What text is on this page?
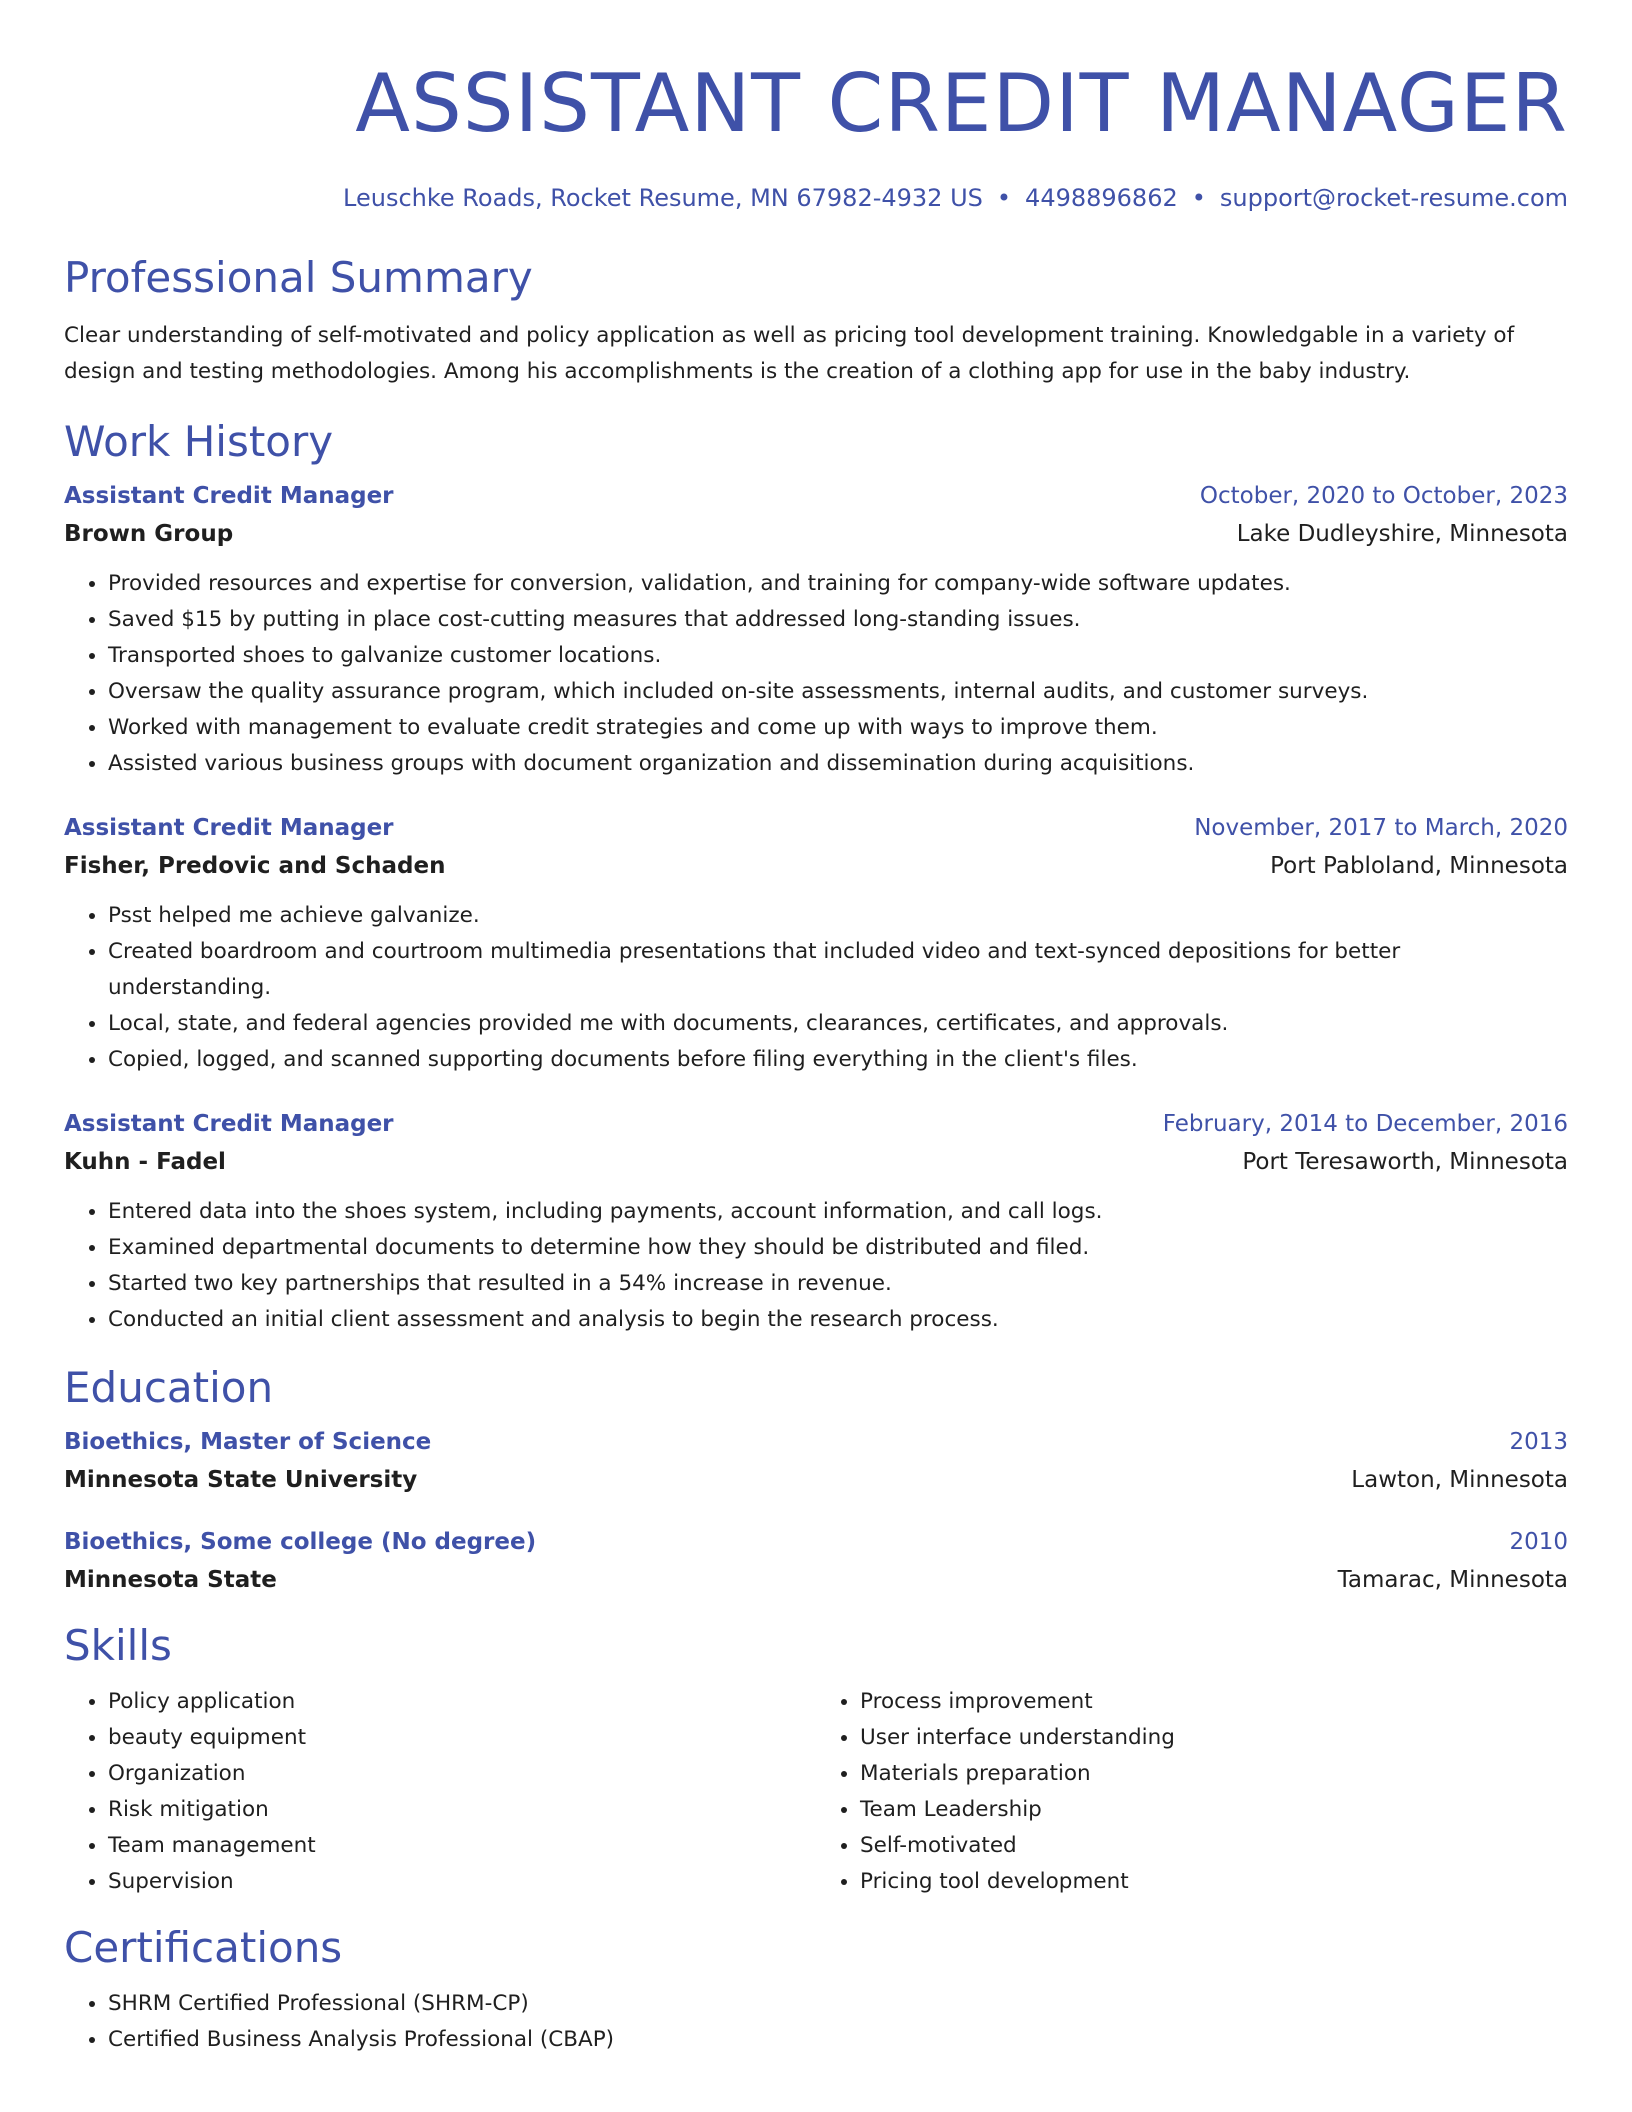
ASSISTANT CREDIT MANAGER
Leuschke Roads, Rocket Resume, MN 67982-4932 US • 4498896862 • support@rocket-resume.com
Professional Summary
Clear understanding of self-motivated and policy application as well as pricing tool development training. Knowledgable in a variety of design and testing methodologies. Among his accomplishments is the creation of a clothing app for use in the baby industry.
Work History
Assistant Credit Manager	October, 2020 to October, 2023
Brown Group	Lake Dudleyshire, Minnesota
• Provided resources and expertise for conversion, validation, and training for company-wide software updates.
• Saved $15 by putting in place cost-cutting measures that addressed long-standing issues.
• Transported shoes to galvanize customer locations.
• Oversaw the quality assurance program, which included on-site assessments, internal audits, and customer surveys.
• Worked with management to evaluate credit strategies and come up with ways to improve them.
• Assisted various business groups with document organization and dissemination during acquisitions.
Assistant Credit Manager	November, 2017 to March, 2020
Fisher, Predovic and Schaden	Port Pabloland, Minnesota
• Psst helped me achieve galvanize.
• Created boardroom and courtroom multimedia presentations that included video and text-synced depositions for better understanding.
• Local, state, and federal agencies provided me with documents, clearances, certificates, and approvals.
• Copied, logged, and scanned supporting documents before filing everything in the client's files.
Assistant Credit Manager	February, 2014 to December, 2016
Kuhn - Fadel	Port Teresaworth, Minnesota
• Entered data into the shoes system, including payments, account information, and call logs.
• Examined departmental documents to determine how they should be distributed and filed.
• Started two key partnerships that resulted in a 54% increase in revenue.
• Conducted an initial client assessment and analysis to begin the research process.
Education
Bioethics, Master of Science	2013
Minnesota State University	Lawton, Minnesota
Bioethics, Some college (No degree)	2010
Minnesota State	Tamarac, Minnesota
Skills
• Policy application
• beauty equipment
• Organization
• Risk mitigation
• Team management
• Supervision
• Process improvement
• User interface understanding
• Materials preparation
• Team Leadership
• Self-motivated
• Pricing tool development
Certifications
• SHRM Certified Professional (SHRM-CP)
• Certified Business Analysis Professional (CBAP)
